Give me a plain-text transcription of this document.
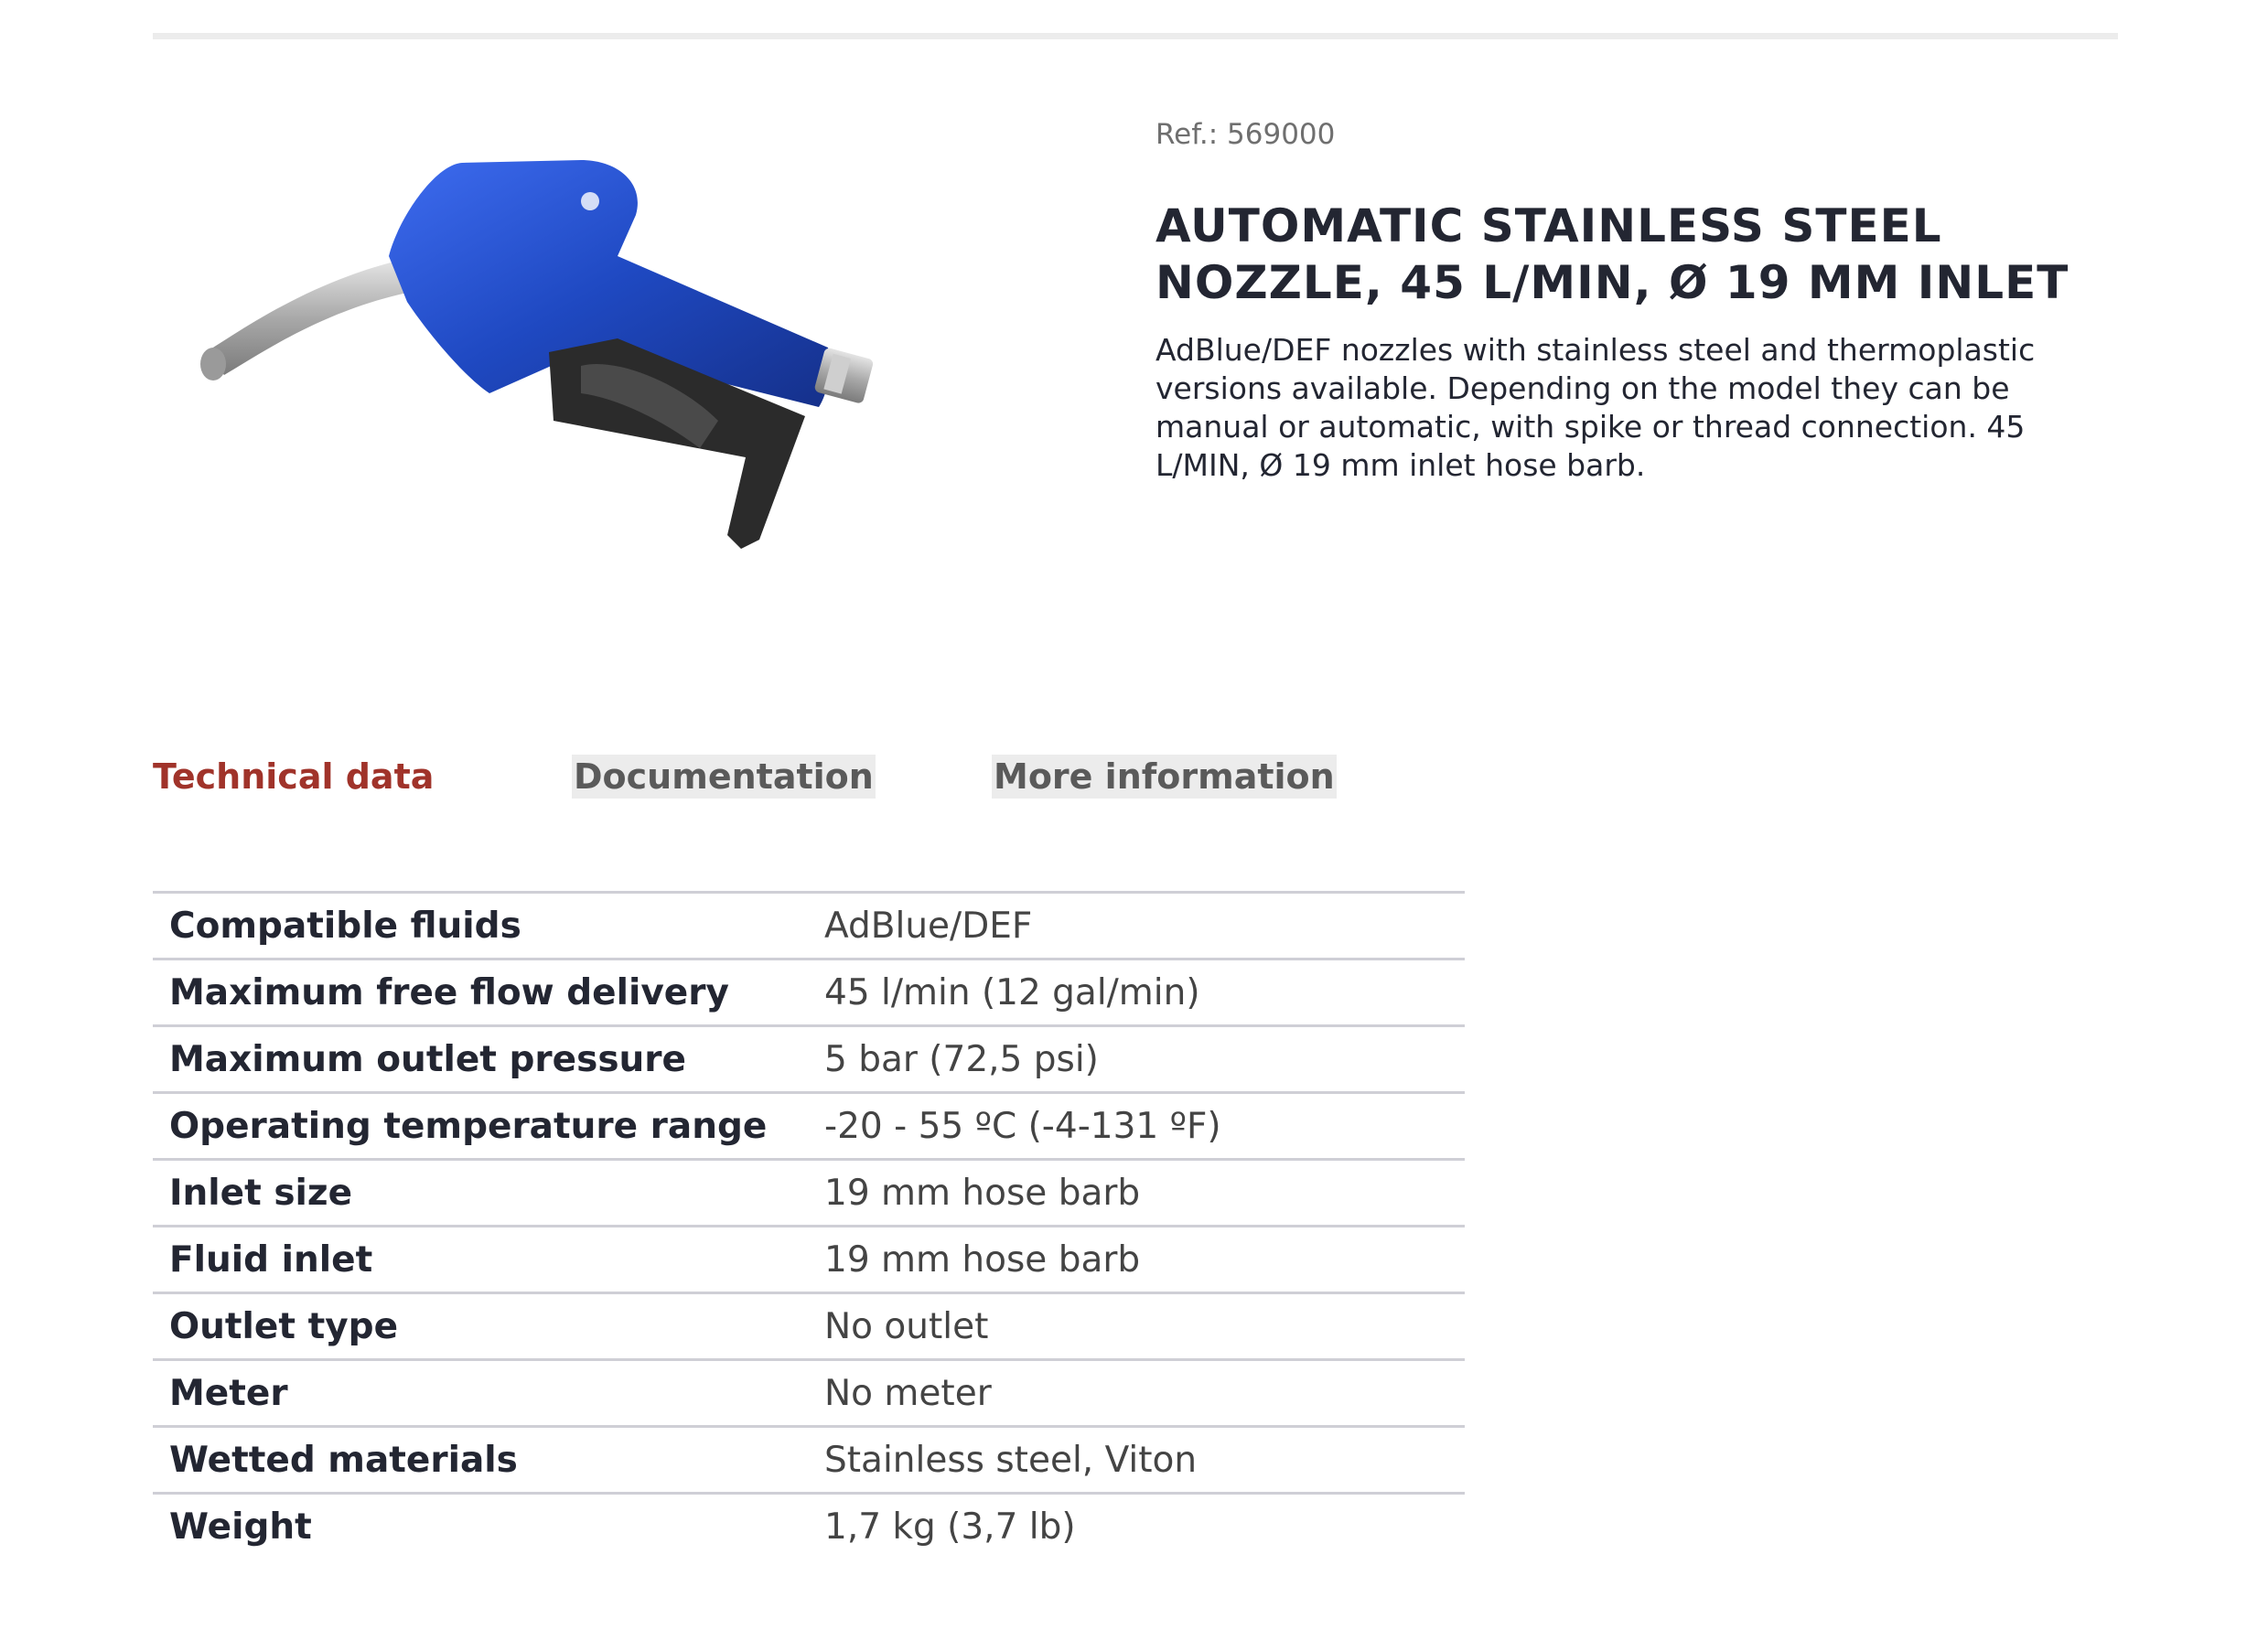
Ref.: 569000

AUTOMATIC STAINLESS STEEL NOZZLE, 45 L/MIN, Ø 19 MM INLET

AdBlue/DEF nozzles with stainless steel and thermoplastic versions available. Depending on the model they can be manual or automatic, with spike or thread connection. 45 L/MIN, Ø 19 mm inlet hose barb.

Technical data	Documentation	More information
Compatible fluids	AdBlue/DEF
Maximum free flow delivery	45 l/min (12 gal/min)
Maximum outlet pressure	5 bar (72,5 psi)
Operating temperature range	-20 - 55 ºC (-4-131 ºF)
Inlet size	19 mm hose barb
Fluid inlet	19 mm hose barb
Outlet type	No outlet
Meter	No meter
Wetted materials	Stainless steel, Viton
Weight	1,7 kg (3,7 lb)
